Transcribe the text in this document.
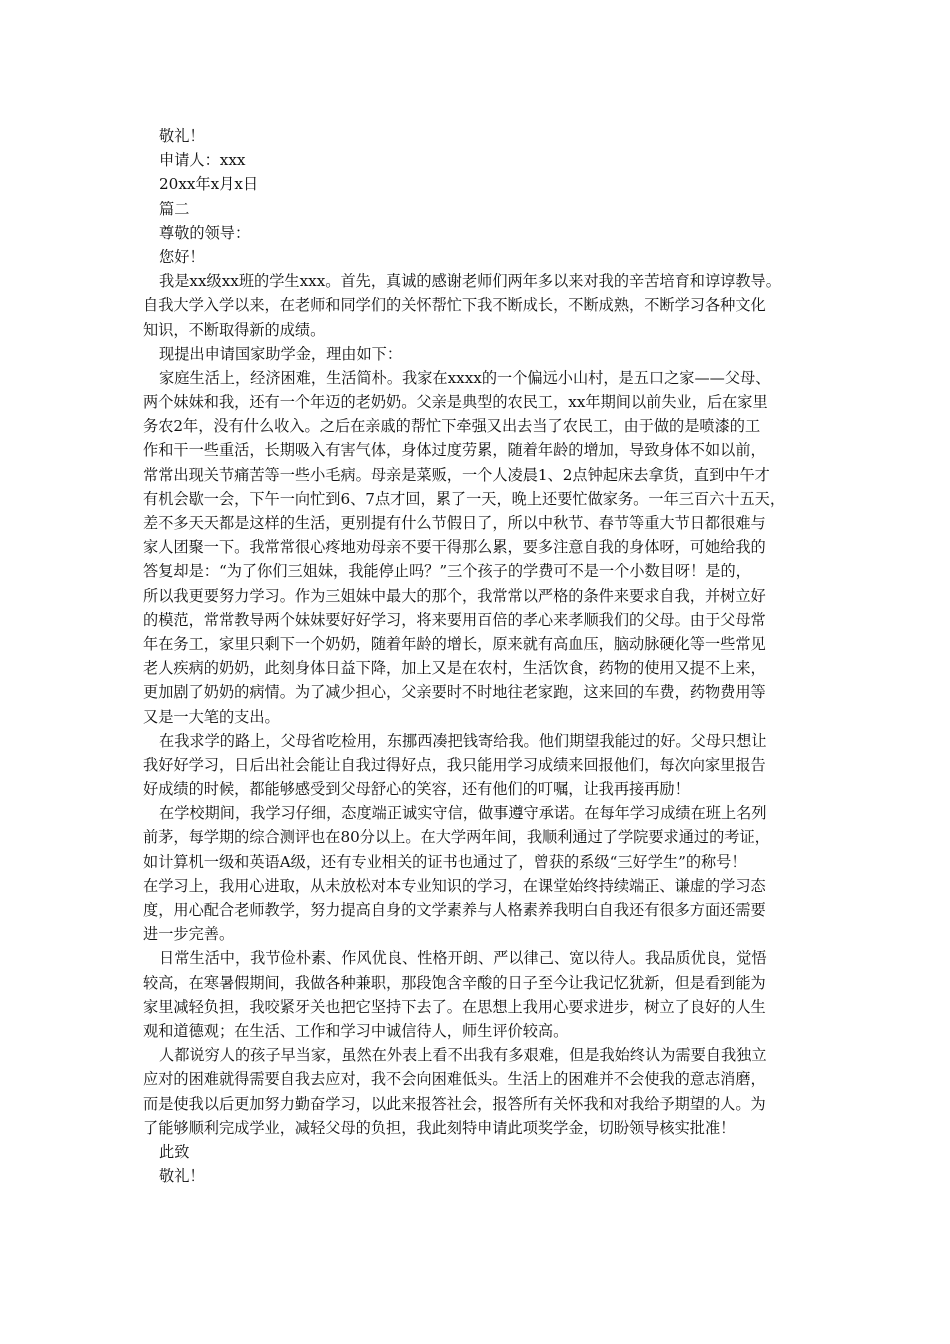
敬礼！
申请人：xxx
20xx年x月x日
篇二
尊敬的领导：
您好！
我是xx级xx班的学生xxx。首先，真诚的感谢老师们两年多以来对我的辛苦培育和谆谆教导。
自我大学入学以来，在老师和同学们的关怀帮忙下我不断成长，不断成熟，不断学习各种文化
知识，不断取得新的成绩。
现提出申请国家助学金，理由如下：
家庭生活上，经济困难，生活简朴。我家在xxxx的一个偏远小山村，是五口之家——父母、
两个妹妹和我，还有一个年迈的老奶奶。父亲是典型的农民工，xx年期间以前失业，后在家里
务农2年，没有什么收入。之后在亲戚的帮忙下牵强又出去当了农民工，由于做的是喷漆的工
作和干一些重活，长期吸入有害气体，身体过度劳累，随着年龄的增加，导致身体不如以前，
常常出现关节痛苦等一些小毛病。母亲是菜贩，一个人凌晨1、2点钟起床去拿货，直到中午才
有机会歇一会，下午一向忙到6、7点才回，累了一天，晚上还要忙做家务。一年三百六十五天，
差不多天天都是这样的生活，更别提有什么节假日了，所以中秋节、春节等重大节日都很难与
家人团聚一下。我常常很心疼地劝母亲不要干得那么累，要多注意自我的身体呀，可她给我的
答复却是：“为了你们三姐妹，我能停止吗？”三个孩子的学费可不是一个小数目呀！是的，
所以我更要努力学习。作为三姐妹中最大的那个，我常常以严格的条件来要求自我，并树立好
的模范，常常教导两个妹妹要好好学习，将来要用百倍的孝心来孝顺我们的父母。由于父母常
年在务工，家里只剩下一个奶奶，随着年龄的增长，原来就有高血压，脑动脉硬化等一些常见
老人疾病的奶奶，此刻身体日益下降，加上又是在农村，生活饮食，药物的使用又提不上来，
更加剧了奶奶的病情。为了减少担心，父亲要时不时地往老家跑，这来回的车费，药物费用等
又是一大笔的支出。
在我求学的路上，父母省吃检用，东挪西凑把钱寄给我。他们期望我能过的好。父母只想让
我好好学习，日后出社会能让自我过得好点，我只能用学习成绩来回报他们，每次向家里报告
好成绩的时候，都能够感受到父母舒心的笑容，还有他们的叮嘱，让我再接再励！
在学校期间，我学习仔细，态度端正诚实守信，做事遵守承诺。在每年学习成绩在班上名列
前茅，每学期的综合测评也在80分以上。在大学两年间，我顺利通过了学院要求通过的考证，
如计算机一级和英语A级，还有专业相关的证书也通过了，曾获的系级“三好学生”的称号！
在学习上，我用心进取，从未放松对本专业知识的学习，在课堂始终持续端正、谦虚的学习态
度，用心配合老师教学，努力提高自身的文学素养与人格素养我明白自我还有很多方面还需要
进一步完善。
日常生活中，我节俭朴素、作风优良、性格开朗、严以律己、宽以待人。我品质优良，觉悟
较高，在寒暑假期间，我做各种兼职，那段饱含辛酸的日子至今让我记忆犹新，但是看到能为
家里减轻负担，我咬紧牙关也把它坚持下去了。在思想上我用心要求进步，树立了良好的人生
观和道德观；在生活、工作和学习中诚信待人，师生评价较高。
人都说穷人的孩子早当家，虽然在外表上看不出我有多艰难，但是我始终认为需要自我独立
应对的困难就得需要自我去应对，我不会向困难低头。生活上的困难并不会使我的意志消磨，
而是使我以后更加努力勤奋学习，以此来报答社会，报答所有关怀我和对我给予期望的人。为
了能够顺利完成学业，减轻父母的负担，我此刻特申请此项奖学金，切盼领导核实批准！
此致
敬礼！
